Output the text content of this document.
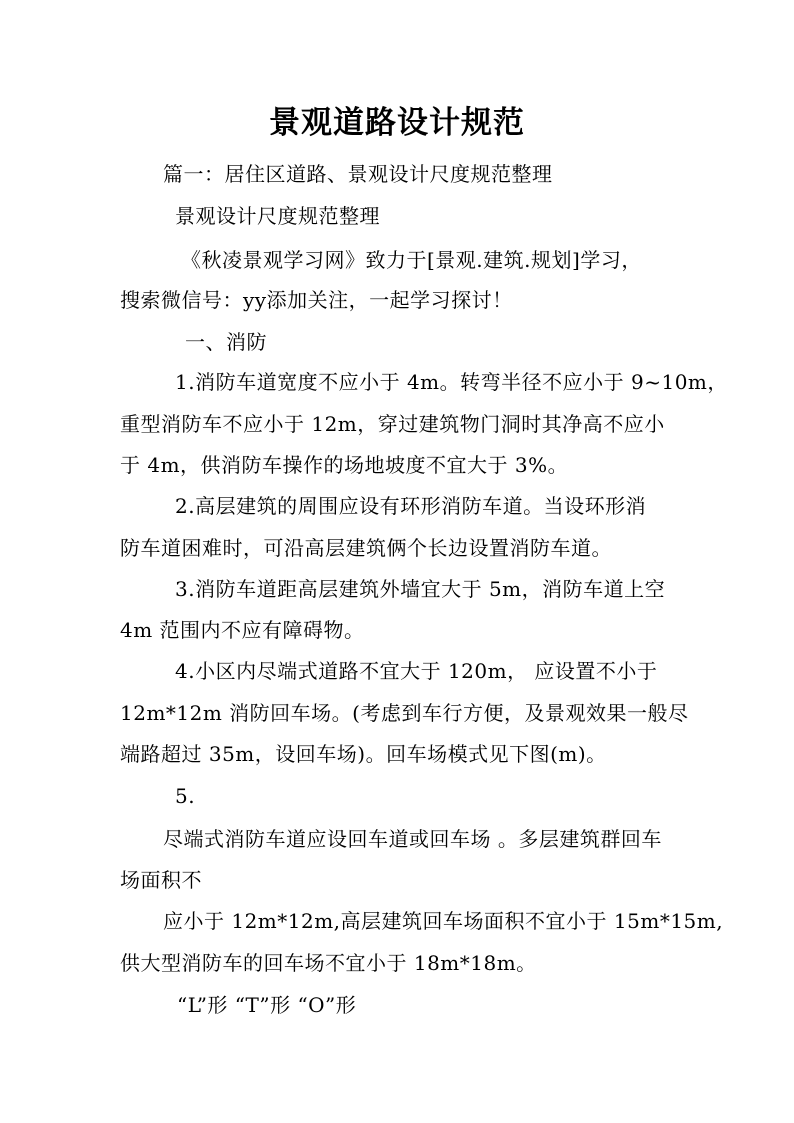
景观道路设计规范
篇一：居住区道路、景观设计尺度规范整理
景观设计尺度规范整理
《秋凌景观学习网》致力于[景观.建筑.规划]学习，
搜索微信号：yy添加关注，一起学习探讨！
一、消防
1.消防车道宽度不应小于 4m。转弯半径不应小于 9~10m，
重型消防车不应小于 12m，穿过建筑物门洞时其净高不应小
于 4m，供消防车操作的场地坡度不宜大于 3%。
2.高层建筑的周围应设有环形消防车道。当设环形消
防车道困难时，可沿高层建筑俩个长边设置消防车道。
3.消防车道距高层建筑外墙宜大于 5m，消防车道上空
4m 范围内不应有障碍物。
4.小区内尽端式道路不宜大于 120m， 应设置不小于
12m*12m 消防回车场。(考虑到车行方便，及景观效果一般尽
端路超过 35m，设回车场)。回车场模式见下图(m)。
5.
尽端式消防车道应设回车道或回车场 。多层建筑群回车
场面积不
应小于 12m*12m,高层建筑回车场面积不宜小于 15m*15m,
供大型消防车的回车场不宜小于 18m*18m。
“L”形 “T”形 “O”形
